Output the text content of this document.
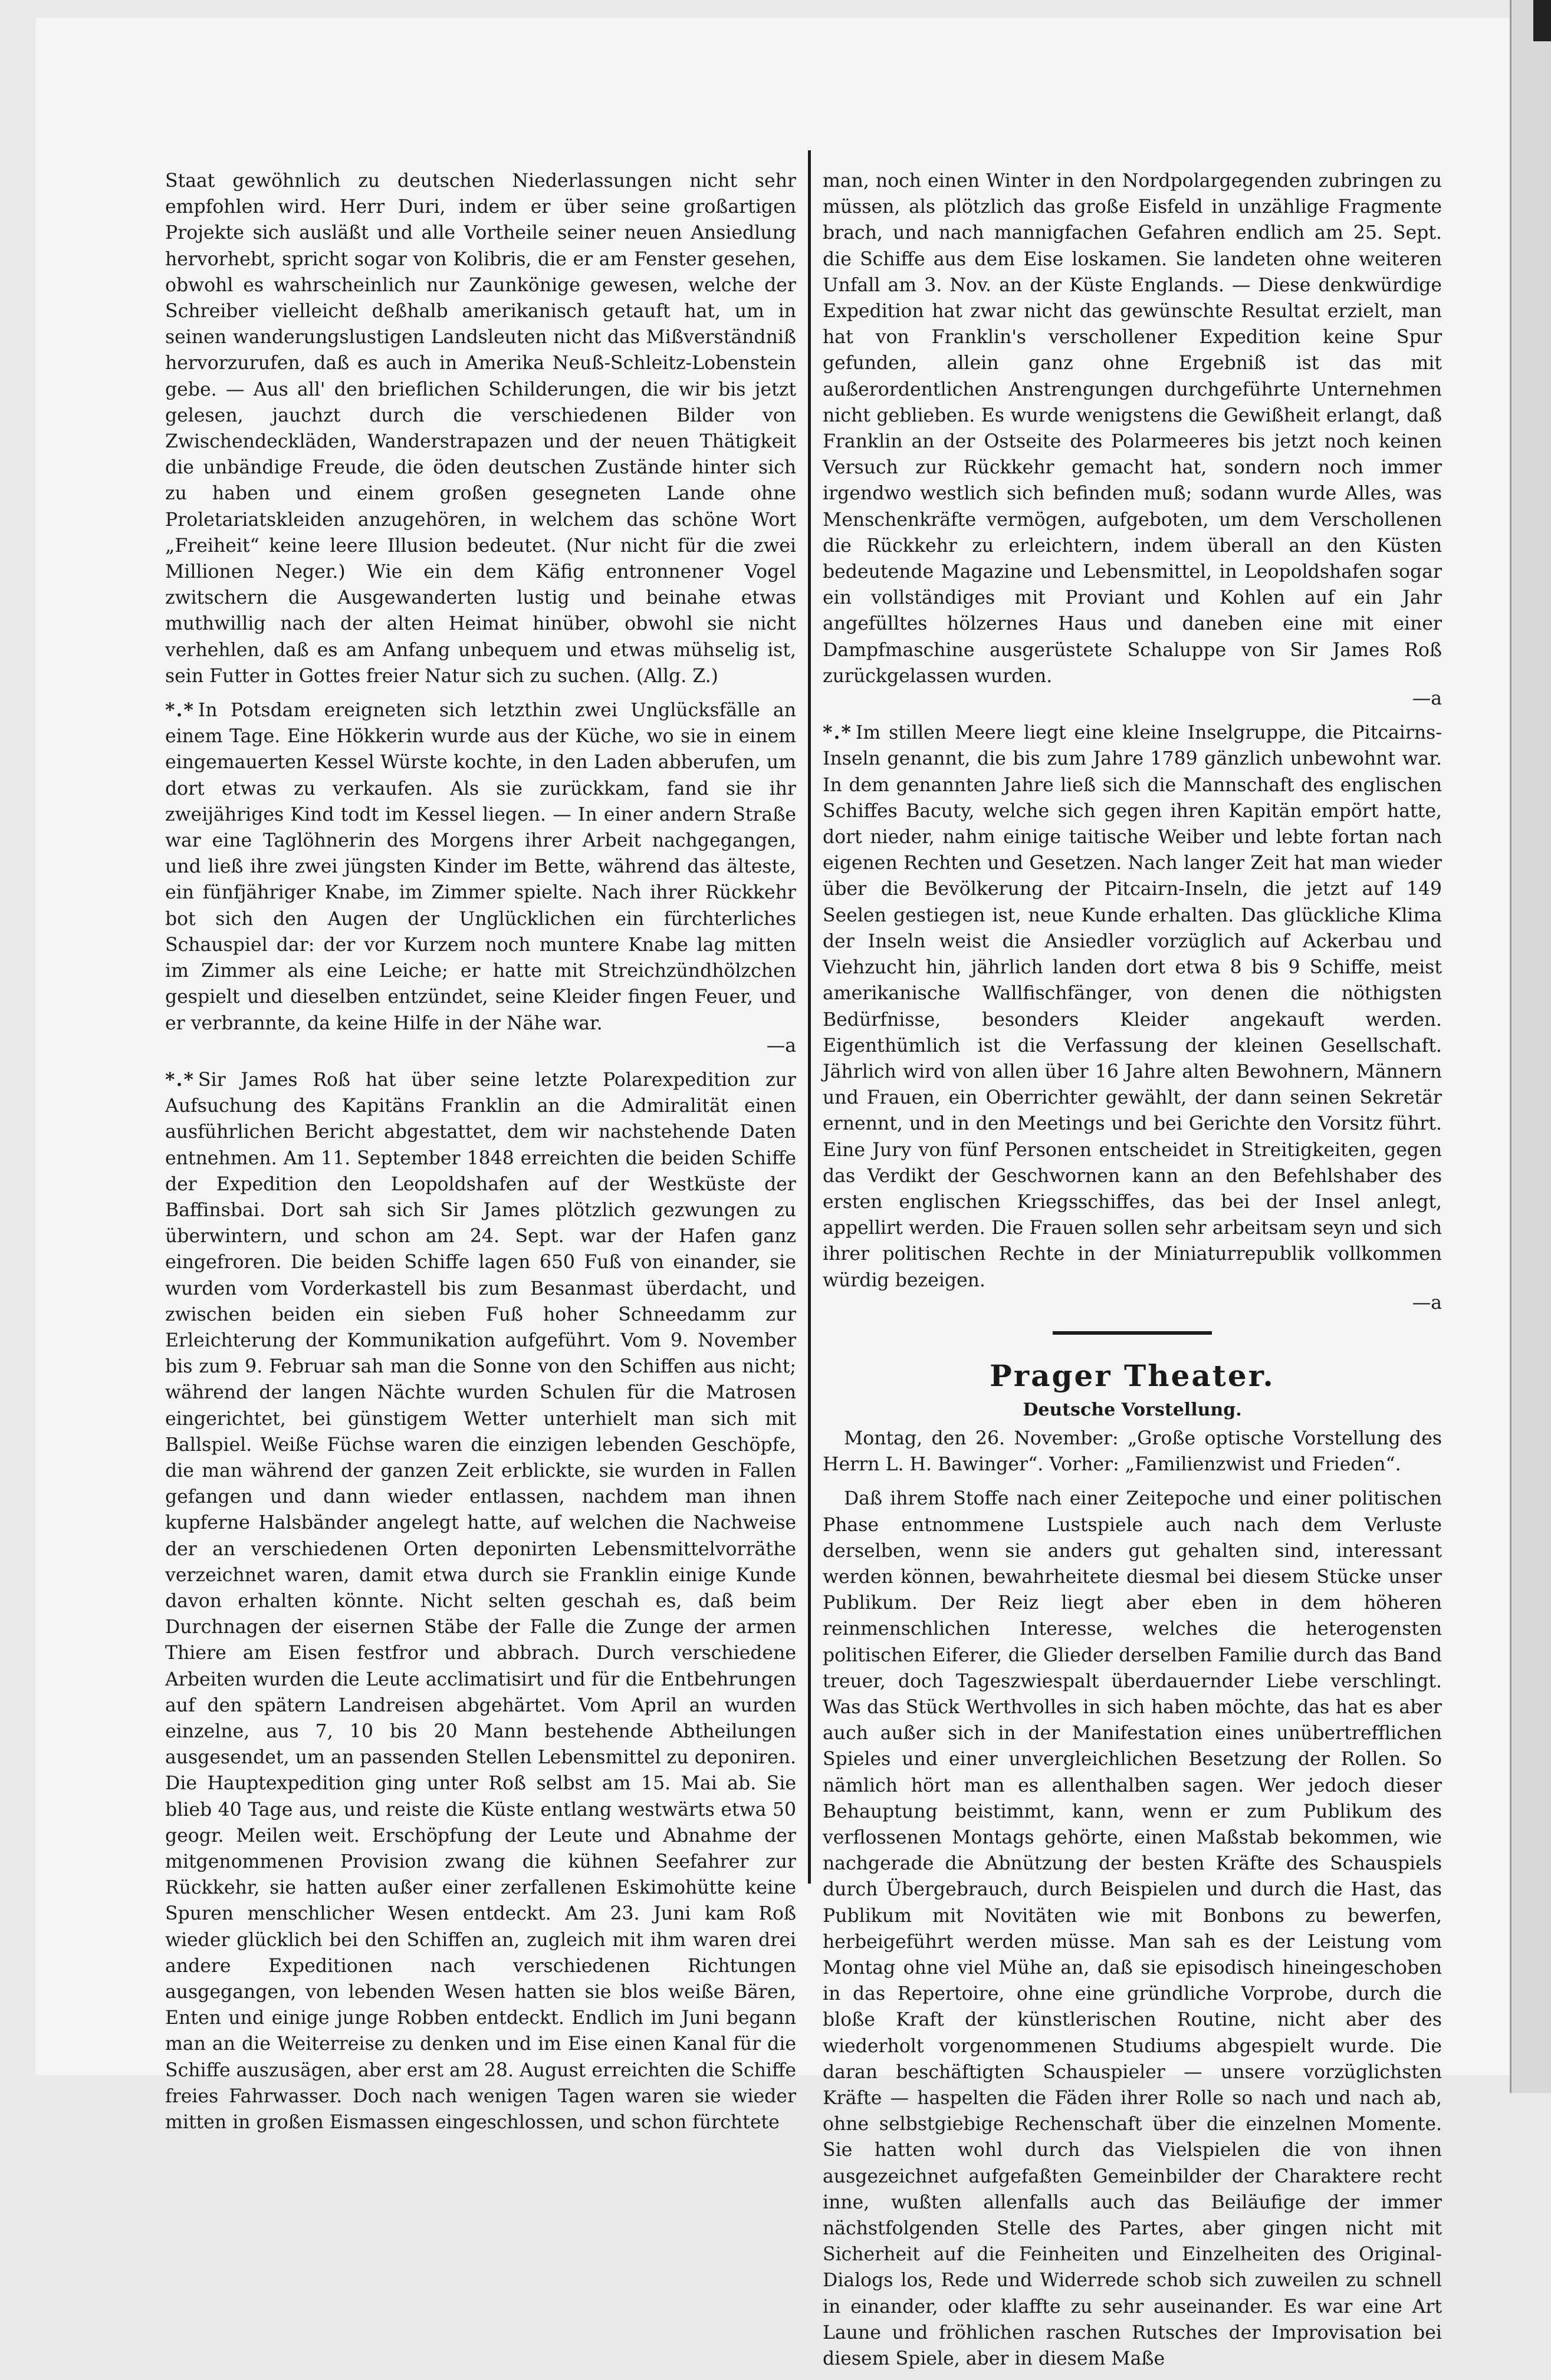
Staat gewöhnlich zu deutschen Niederlassungen nicht sehr empfohlen wird. Herr Duri, indem er über seine großartigen Projekte sich ausläßt und alle Vortheile seiner neuen Ansiedlung hervorhebt, spricht sogar von Kolibris, die er am Fenster gesehen, obwohl es wahrscheinlich nur Zaunkönige gewesen, welche der Schreiber vielleicht deßhalb amerikanisch getauft hat, um in seinen wanderungslustigen Landsleuten nicht das Mißverständniß hervorzurufen, daß es auch in Amerika Neuß-Schleitz-Lobenstein gebe. — Aus all' den brieflichen Schilderungen, die wir bis jetzt gelesen, jauchzt durch die verschiedenen Bilder von Zwischendeckläden, Wanderstrapazen und der neuen Thätigkeit die unbändige Freude, die öden deutschen Zustände hinter sich zu haben und einem großen gesegneten Lande ohne Proletariatskleiden anzugehören, in welchem das schöne Wort „Freiheit“ keine leere Illusion bedeutet. (Nur nicht für die zwei Millionen Neger.) Wie ein dem Käfig entronnener Vogel zwitschern die Ausgewanderten lustig und beinahe etwas muthwillig nach der alten Heimat hinüber, obwohl sie nicht verhehlen, daß es am Anfang unbequem und etwas mühselig ist, sein Futter in Gottes freier Natur sich zu suchen. (Allg. Z.)

*.* In Potsdam ereigneten sich letzthin zwei Unglücksfälle an einem Tage. Eine Hökkerin wurde aus der Küche, wo sie in einem eingemauerten Kessel Würste kochte, in den Laden abberufen, um dort etwas zu verkaufen. Als sie zurückkam, fand sie ihr zweijähriges Kind todt im Kessel liegen. — In einer andern Straße war eine Taglöhnerin des Morgens ihrer Arbeit nachgegangen, und ließ ihre zwei jüngsten Kinder im Bette, während das älteste, ein fünfjähriger Knabe, im Zimmer spielte. Nach ihrer Rückkehr bot sich den Augen der Unglücklichen ein fürchterliches Schauspiel dar: der vor Kurzem noch muntere Knabe lag mitten im Zimmer als eine Leiche; er hatte mit Streichzündhölzchen gespielt und dieselben entzündet, seine Kleider fingen Feuer, und er verbrannte, da keine Hilfe in der Nähe war.
—a

*.* Sir James Roß hat über seine letzte Polarexpedition zur Aufsuchung des Kapitäns Franklin an die Admiralität einen ausführlichen Bericht abgestattet, dem wir nachstehende Daten entnehmen. Am 11. September 1848 erreichten die beiden Schiffe der Expedition den Leopoldshafen auf der Westküste der Baffinsbai. Dort sah sich Sir James plötzlich gezwungen zu überwintern, und schon am 24. Sept. war der Hafen ganz eingefroren. Die beiden Schiffe lagen 650 Fuß von einander, sie wurden vom Vorderkastell bis zum Besanmast überdacht, und zwischen beiden ein sieben Fuß hoher Schneedamm zur Erleichterung der Kommunikation aufgeführt. Vom 9. November bis zum 9. Februar sah man die Sonne von den Schiffen aus nicht; während der langen Nächte wurden Schulen für die Matrosen eingerichtet, bei günstigem Wetter unterhielt man sich mit Ballspiel. Weiße Füchse waren die einzigen lebenden Geschöpfe, die man während der ganzen Zeit erblickte, sie wurden in Fallen gefangen und dann wieder entlassen, nachdem man ihnen kupferne Halsbänder angelegt hatte, auf welchen die Nachweise der an verschiedenen Orten deponirten Lebensmittelvorräthe verzeichnet waren, damit etwa durch sie Franklin einige Kunde davon erhalten könnte. Nicht selten geschah es, daß beim Durchnagen der eisernen Stäbe der Falle die Zunge der armen Thiere am Eisen festfror und abbrach. Durch verschiedene Arbeiten wurden die Leute acclimatisirt und für die Entbehrungen auf den spätern Landreisen abgehärtet. Vom April an wurden einzelne, aus 7, 10 bis 20 Mann bestehende Abtheilungen ausgesendet, um an passenden Stellen Lebensmittel zu deponiren. Die Hauptexpedition ging unter Roß selbst am 15. Mai ab. Sie blieb 40 Tage aus, und reiste die Küste entlang westwärts etwa 50 geogr. Meilen weit. Erschöpfung der Leute und Abnahme der mitgenommenen Provision zwang die kühnen Seefahrer zur Rückkehr, sie hatten außer einer zerfallenen Eskimohütte keine Spuren menschlicher Wesen entdeckt. Am 23. Juni kam Roß wieder glücklich bei den Schiffen an, zugleich mit ihm waren drei andere Expeditionen nach verschiedenen Richtungen ausgegangen, von lebenden Wesen hatten sie blos weiße Bären, Enten und einige junge Robben entdeckt. Endlich im Juni begann man an die Weiterreise zu denken und im Eise einen Kanal für die Schiffe auszusägen, aber erst am 28. August erreichten die Schiffe freies Fahrwasser. Doch nach wenigen Tagen waren sie wieder mitten in großen Eismassen eingeschlossen, und schon fürchtete

man, noch einen Winter in den Nordpolargegenden zubringen zu müssen, als plötzlich das große Eisfeld in unzählige Fragmente brach, und nach mannigfachen Gefahren endlich am 25. Sept. die Schiffe aus dem Eise loskamen. Sie landeten ohne weiteren Unfall am 3. Nov. an der Küste Englands. — Diese denkwürdige Expedition hat zwar nicht das gewünschte Resultat erzielt, man hat von Franklin's verschollener Expedition keine Spur gefunden, allein ganz ohne Ergebniß ist das mit außerordentlichen Anstrengungen durchgeführte Unternehmen nicht geblieben. Es wurde wenigstens die Gewißheit erlangt, daß Franklin an der Ostseite des Polarmeeres bis jetzt noch keinen Versuch zur Rückkehr gemacht hat, sondern noch immer irgendwo westlich sich befinden muß; sodann wurde Alles, was Menschenkräfte vermögen, aufgeboten, um dem Verschollenen die Rückkehr zu erleichtern, indem überall an den Küsten bedeutende Magazine und Lebensmittel, in Leopoldshafen sogar ein vollständiges mit Proviant und Kohlen auf ein Jahr angefülltes hölzernes Haus und daneben eine mit einer Dampfmaschine ausgerüstete Schaluppe von Sir James Roß zurückgelassen wurden.
—a

*.* Im stillen Meere liegt eine kleine Inselgruppe, die Pitcairns-Inseln genannt, die bis zum Jahre 1789 gänzlich unbewohnt war. In dem genannten Jahre ließ sich die Mannschaft des englischen Schiffes Bacuty, welche sich gegen ihren Kapitän empört hatte, dort nieder, nahm einige taitische Weiber und lebte fortan nach eigenen Rechten und Gesetzen. Nach langer Zeit hat man wieder über die Bevölkerung der Pitcairn-Inseln, die jetzt auf 149 Seelen gestiegen ist, neue Kunde erhalten. Das glückliche Klima der Inseln weist die Ansiedler vorzüglich auf Ackerbau und Viehzucht hin, jährlich landen dort etwa 8 bis 9 Schiffe, meist amerikanische Wallfischfänger, von denen die nöthigsten Bedürfnisse, besonders Kleider angekauft werden. Eigenthümlich ist die Verfassung der kleinen Gesellschaft. Jährlich wird von allen über 16 Jahre alten Bewohnern, Männern und Frauen, ein Oberrichter gewählt, der dann seinen Sekretär ernennt, und in den Meetings und bei Gerichte den Vorsitz führt. Eine Jury von fünf Personen entscheidet in Streitigkeiten, gegen das Verdikt der Geschwornen kann an den Befehlshaber des ersten englischen Kriegsschiffes, das bei der Insel anlegt, appellirt werden. Die Frauen sollen sehr arbeitsam seyn und sich ihrer politischen Rechte in der Miniaturrepublik vollkommen würdig bezeigen.
—a

Prager Theater.
Deutsche Vorstellung.

Montag, den 26. November: „Große optische Vorstellung des Herrn L. H. Bawinger“. Vorher: „Familienzwist und Frieden“.

Daß ihrem Stoffe nach einer Zeitepoche und einer politischen Phase entnommene Lustspiele auch nach dem Verluste derselben, wenn sie anders gut gehalten sind, interessant werden können, bewahrheitete diesmal bei diesem Stücke unser Publikum. Der Reiz liegt aber eben in dem höheren reinmenschlichen Interesse, welches die heterogensten politischen Eiferer, die Glieder derselben Familie durch das Band treuer, doch Tageszwiespalt überdauernder Liebe verschlingt. Was das Stück Werthvolles in sich haben möchte, das hat es aber auch außer sich in der Manifestation eines unübertrefflichen Spieles und einer unvergleichlichen Besetzung der Rollen. So nämlich hört man es allenthalben sagen. Wer jedoch dieser Behauptung beistimmt, kann, wenn er zum Publikum des verflossenen Montags gehörte, einen Maßstab bekommen, wie nachgerade die Abnützung der besten Kräfte des Schauspiels durch Übergebrauch, durch Beispielen und durch die Hast, das Publikum mit Novitäten wie mit Bonbons zu bewerfen, herbeigeführt werden müsse. Man sah es der Leistung vom Montag ohne viel Mühe an, daß sie episodisch hineingeschoben in das Repertoire, ohne eine gründliche Vorprobe, durch die bloße Kraft der künstlerischen Routine, nicht aber des wiederholt vorgenommenen Studiums abgespielt wurde. Die daran beschäftigten Schauspieler — unsere vorzüglichsten Kräfte — haspelten die Fäden ihrer Rolle so nach und nach ab, ohne selbstgiebige Rechenschaft über die einzelnen Momente. Sie hatten wohl durch das Vielspielen die von ihnen ausgezeichnet aufgefaßten Gemeinbilder der Charaktere recht inne, wußten allenfalls auch das Beiläufige der immer nächstfolgenden Stelle des Partes, aber gingen nicht mit Sicherheit auf die Feinheiten und Einzelheiten des Original-Dialogs los, Rede und Widerrede schob sich zuweilen zu schnell in einander, oder klaffte zu sehr auseinander. Es war eine Art Laune und fröhlichen raschen Rutsches der Improvisation bei diesem Spiele, aber in diesem Maße
